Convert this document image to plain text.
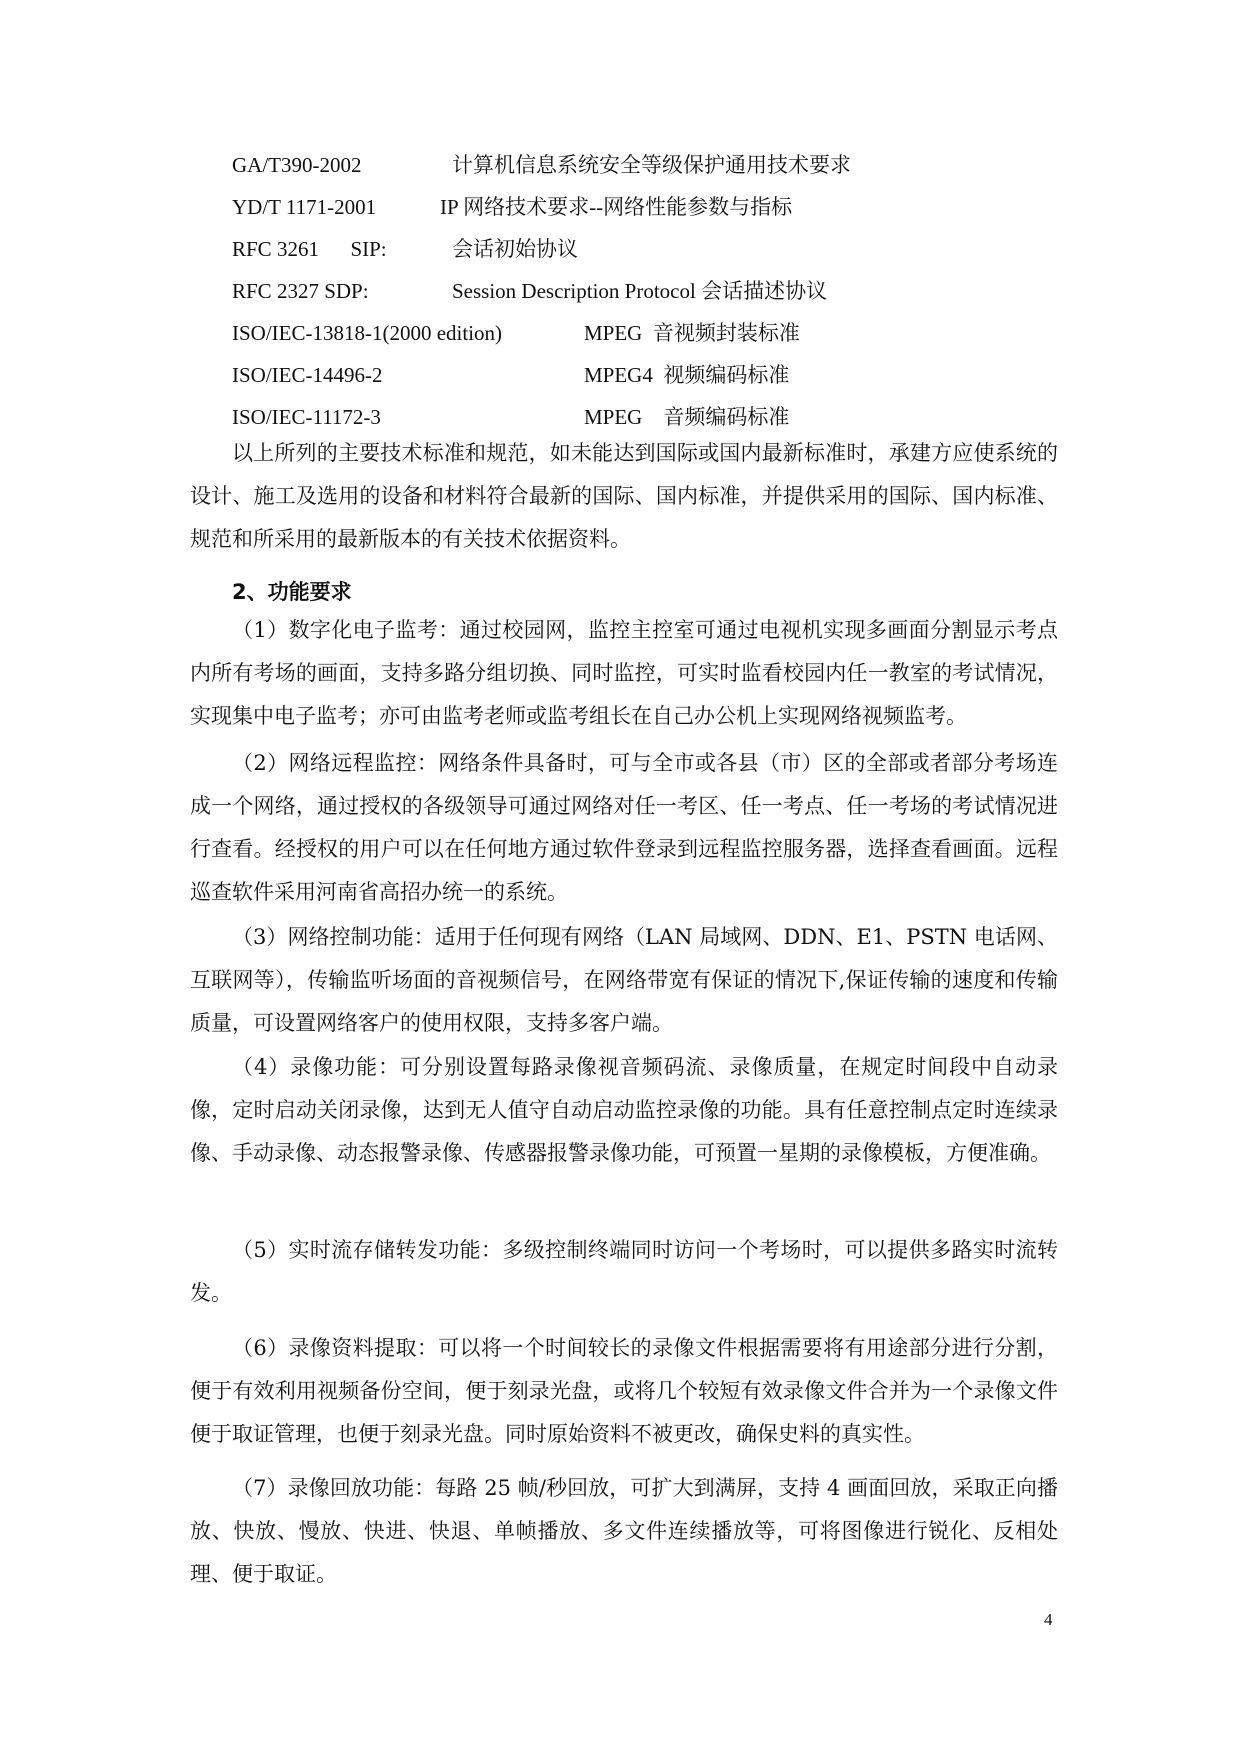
GA/T390-2002	计算机信息系统安全等级保护通用技术要求
YD/T 1171-2001	IP 网络技术要求--网络性能参数与指标
RFC 3261      SIP:	会话初始协议
RFC 2327 SDP:	Session Description Protocol 会话描述协议
ISO/IEC-13818-1(2000 edition)	MPEG  音视频封装标准
ISO/IEC-14496-2	MPEG4  视频编码标准
ISO/IEC-11172-3	MPEG    音频编码标准

以上所列的主要技术标准和规范，如未能达到国际或国内最新标准时，承建方应使系统的设计、施工及选用的设备和材料符合最新的国际、国内标准，并提供采用的国际、国内标准、规范和所采用的最新版本的有关技术依据资料。

2、功能要求

（1）数字化电子监考：通过校园网，监控主控室可通过电视机实现多画面分割显示考点内所有考场的画面，支持多路分组切换、同时监控，可实时监看校园内任一教室的考试情况，实现集中电子监考；亦可由监考老师或监考组长在自己办公机上实现网络视频监考。

（2）网络远程监控：网络条件具备时，可与全市或各县（市）区的全部或者部分考场连成一个网络，通过授权的各级领导可通过网络对任一考区、任一考点、任一考场的考试情况进行查看。经授权的用户可以在任何地方通过软件登录到远程监控服务器，选择查看画面。远程巡查软件采用河南省高招办统一的系统。

（3）网络控制功能：适用于任何现有网络（LAN 局域网、DDN、E1、PSTN 电话网、互联网等），传输监听场面的音视频信号，在网络带宽有保证的情况下,保证传输的速度和传输质量，可设置网络客户的使用权限，支持多客户端。

（4）录像功能：可分别设置每路录像视音频码流、录像质量，在规定时间段中自动录像，定时启动关闭录像，达到无人值守自动启动监控录像的功能。具有任意控制点定时连续录像、手动录像、动态报警录像、传感器报警录像功能，可预置一星期的录像模板，方便准确。

（5）实时流存储转发功能：多级控制终端同时访问一个考场时，可以提供多路实时流转发。

（6）录像资料提取：可以将一个时间较长的录像文件根据需要将有用途部分进行分割，便于有效利用视频备份空间，便于刻录光盘，或将几个较短有效录像文件合并为一个录像文件便于取证管理，也便于刻录光盘。同时原始资料不被更改，确保史料的真实性。

（7）录像回放功能：每路 25 帧/秒回放，可扩大到满屏，支持 4 画面回放，采取正向播放、快放、慢放、快进、快退、单帧播放、多文件连续播放等，可将图像进行锐化、反相处理、便于取证。

4
